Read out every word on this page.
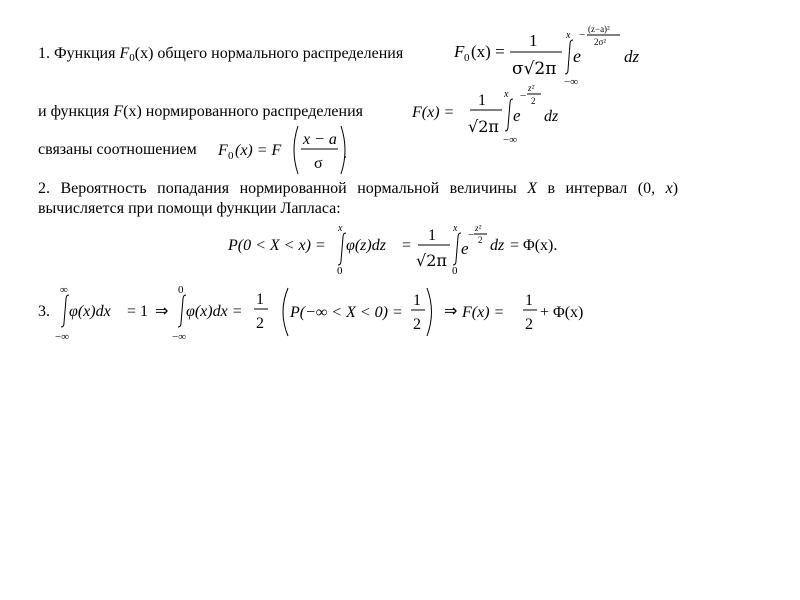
1. Функция $F_0(x)$ общего нормального распределения	F 0 (x) =
1
σ√2π
x
−∞
e
− (z−a)²
2σ²
dz
и функция F(x) нормированного распределения	F(x) =
1
√2π
x
−∞
e
−
z²
2
dz
связаны соотношением F 0 (x) = F
x − a
σ
.
2. Вероятность попадания нормированной нормальной величины X в интервал (0, x)
вычисляется при помощи функции Лапласа:
P(0 < X < x) =
x
0
φ(z)dz =
1
√2π
x
0
e
−
z²
2 dz = Φ(x).
3.
∞
−∞
φ(x)dx = 1 ⇒
0
−∞
φ(x)dx =
1
2
P(−∞ < X < 0) =
1
2
⇒ F(x) =
1
2
+ Φ(x)
